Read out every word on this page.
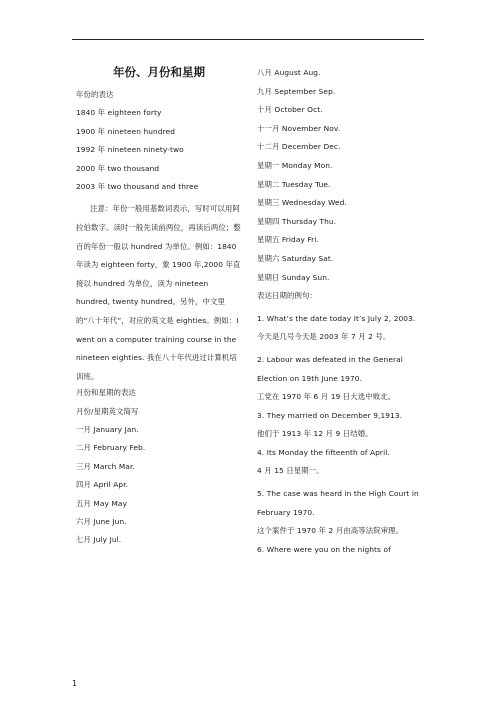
年份、月份和星期
年份的表达
1840 年 eighteen forty
1900 年 nineteen hundred
1992 年 nineteen ninety-two
2000 年 two thousand
2003 年 two thousand and three
注意：年份一般用基数词表示，写时可以用阿拉伯数字。读时一般先读前两位，再读后两位；整百的年份一般以 hundred 为单位。例如：1840 年读为 eighteen forty，象 1900 年,2000 年直接以 hundred 为单位，读为 nineteen hundred, twenty hundred。另外，中文里的“八十年代”，对应的英文是 eighties。例如：I went on a computer training course in the nineteen eighties. 我在八十年代进过计算机培训班。
月份和星期的表达
月份/星期英文简写
一月 January Jan.
二月 February Feb.
三月 March Mar.
四月 April Apr.
五月 May May
六月 June Jun.
七月 July Jul.
八月 August Aug.
九月 September Sep.
十月 October Oct.
十一月 November Nov.
十二月 December Dec.
星期一 Monday Mon.
星期二 Tuesday Tue.
星期三 Wednesday Wed.
星期四 Thursday Thu.
星期五 Friday Fri.
星期六 Saturday Sat.
星期日 Sunday Sun.
表达日期的例句：
1. What’s the date today It’s July 2, 2003.
今天是几号今天是 2003 年 7 月 2 号。
2. Labour was defeated in the General Election on 19th June 1970.
工党在 1970 年 6 月 19 日大选中败北。
3. They married on December 9,1913.
他们于 1913 年 12 月 9 日结婚。
4. Its Monday the fifteenth of April.
4 月 15 日星期一。
5. The case was heard in the High Court in February 1970.
这个案件于 1970 年 2 月由高等法院审理。
6. Where were you on the nights of
1
